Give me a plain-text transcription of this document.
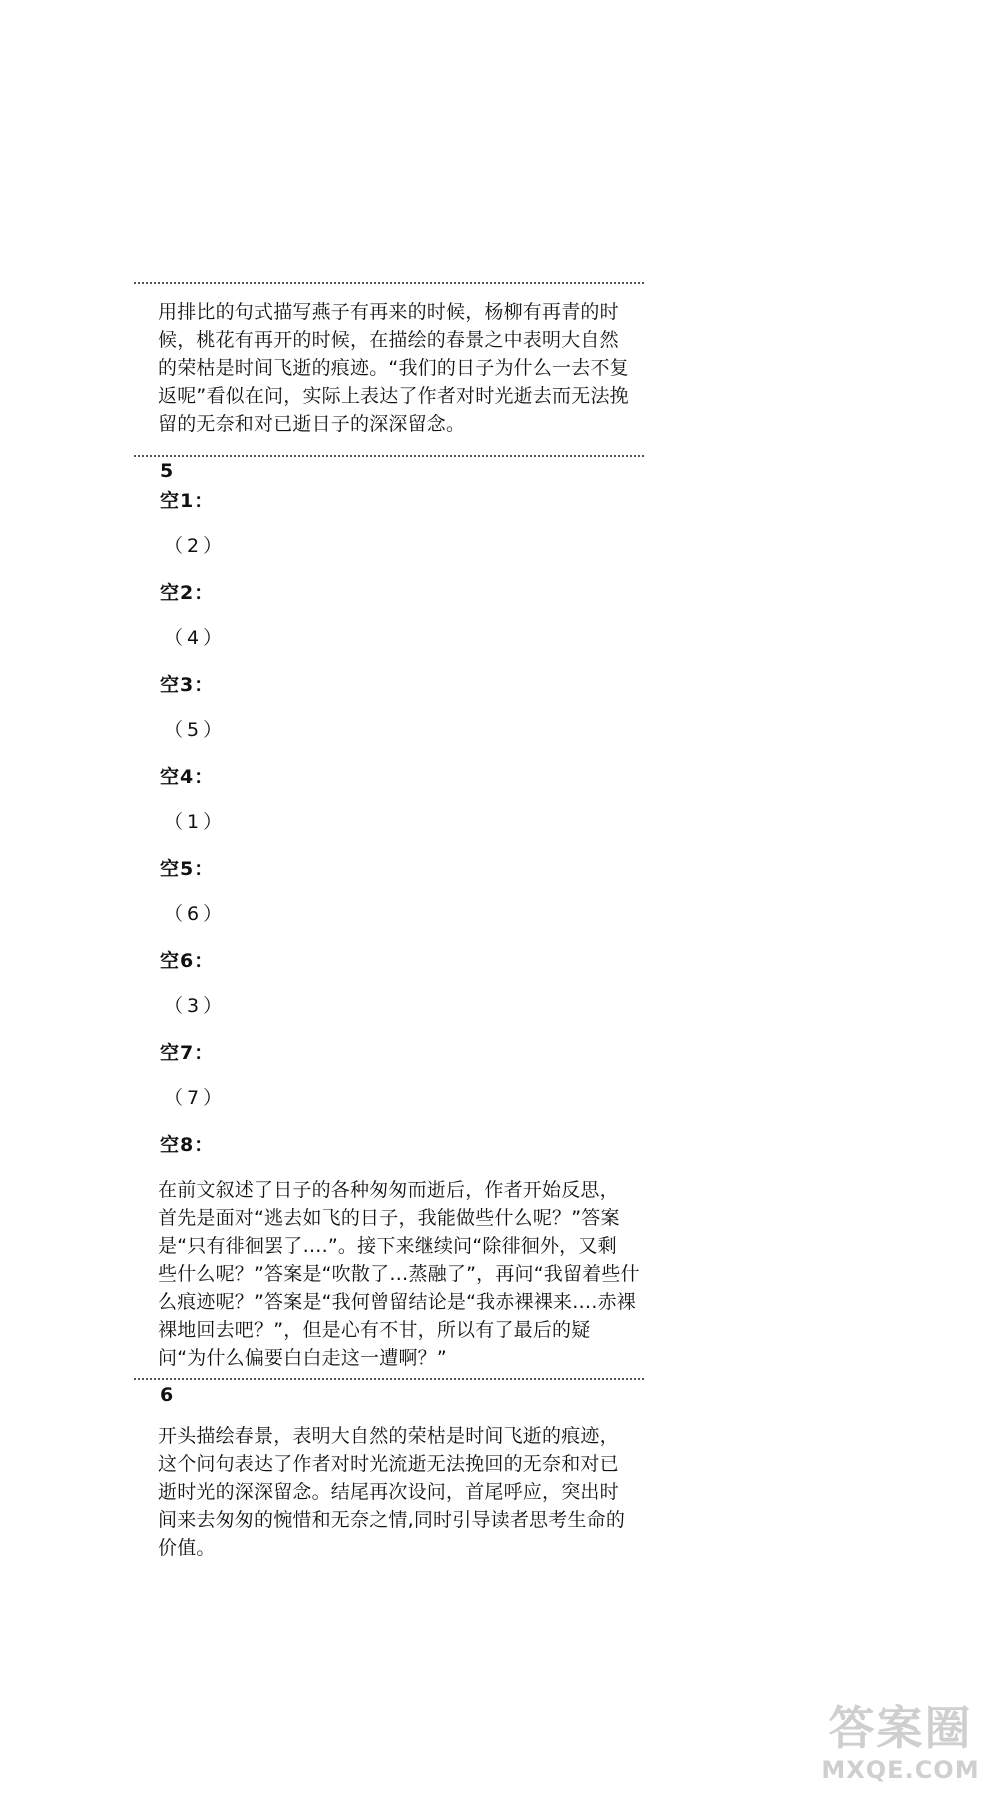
用排比的句式描写燕子有再来的时候，杨柳有再青的时
候，桃花有再开的时候，在描绘的春景之中表明大自然
的荣枯是时间飞逝的痕迹。“我们的日子为什么一去不复
返呢”看似在问，实际上表达了作者对时光逝去而无法挽
留的无奈和对已逝日子的深深留念。
5
空1：
（2）
空2：
（4）
空3：
（5）
空4：
（1）
空5：
（6）
空6：
（3）
空7：
（7）
空8：
在前文叙述了日子的各种匆匆而逝后，作者开始反思，
首先是面对“逃去如飞的日子，我能做些什么呢？”答案
是“只有徘徊罢了….”。接下来继续问“除徘徊外，又剩
些什么呢？”答案是“吹散了…蒸融了”，再问“我留着些什
么痕迹呢？”答案是“我何曾留结论是“我赤裸裸来….赤裸
裸地回去吧？”，但是心有不甘，所以有了最后的疑
问“为什么偏要白白走这一遭啊？”
6
开头描绘春景，表明大自然的荣枯是时间飞逝的痕迹，
这个问句表达了作者对时光流逝无法挽回的无奈和对已
逝时光的深深留念。结尾再次设问，首尾呼应，突出时
间来去匆匆的惋惜和无奈之情,同时引导读者思考生命的
价值。
答案圈
MXQE.COM
